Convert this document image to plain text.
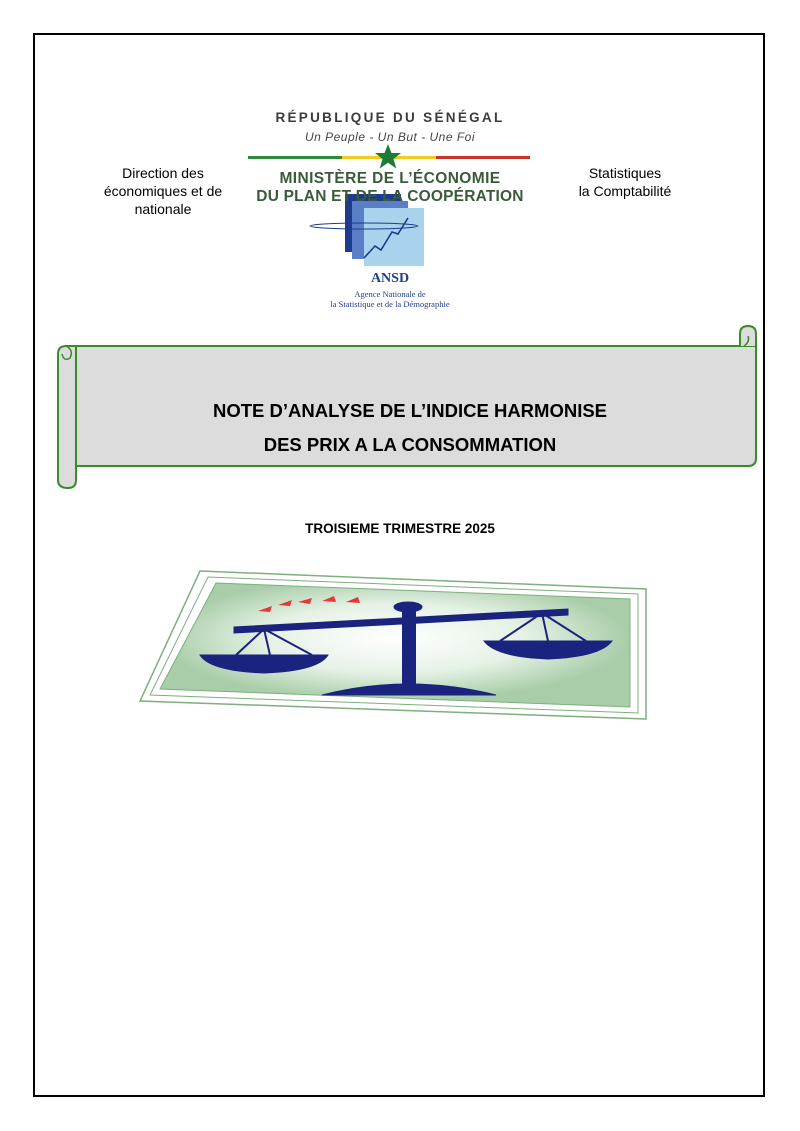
Direction des
économiques et de
nationale
Statistiques
la Comptabilité
RÉPUBLIQUE DU SÉNÉGAL
Un Peuple - Un But - Une Foi
MINISTÈRE DE L’ÉCONOMIE
DU PLAN ET DE LA COOPÉRATION
ANSD
Agence Nationale de
la Statistique et de la Démographie
NOTE D’ANALYSE DE L’INDICE HARMONISE
DES PRIX A LA CONSOMMATION
TROISIEME TRIMESTRE 2025
